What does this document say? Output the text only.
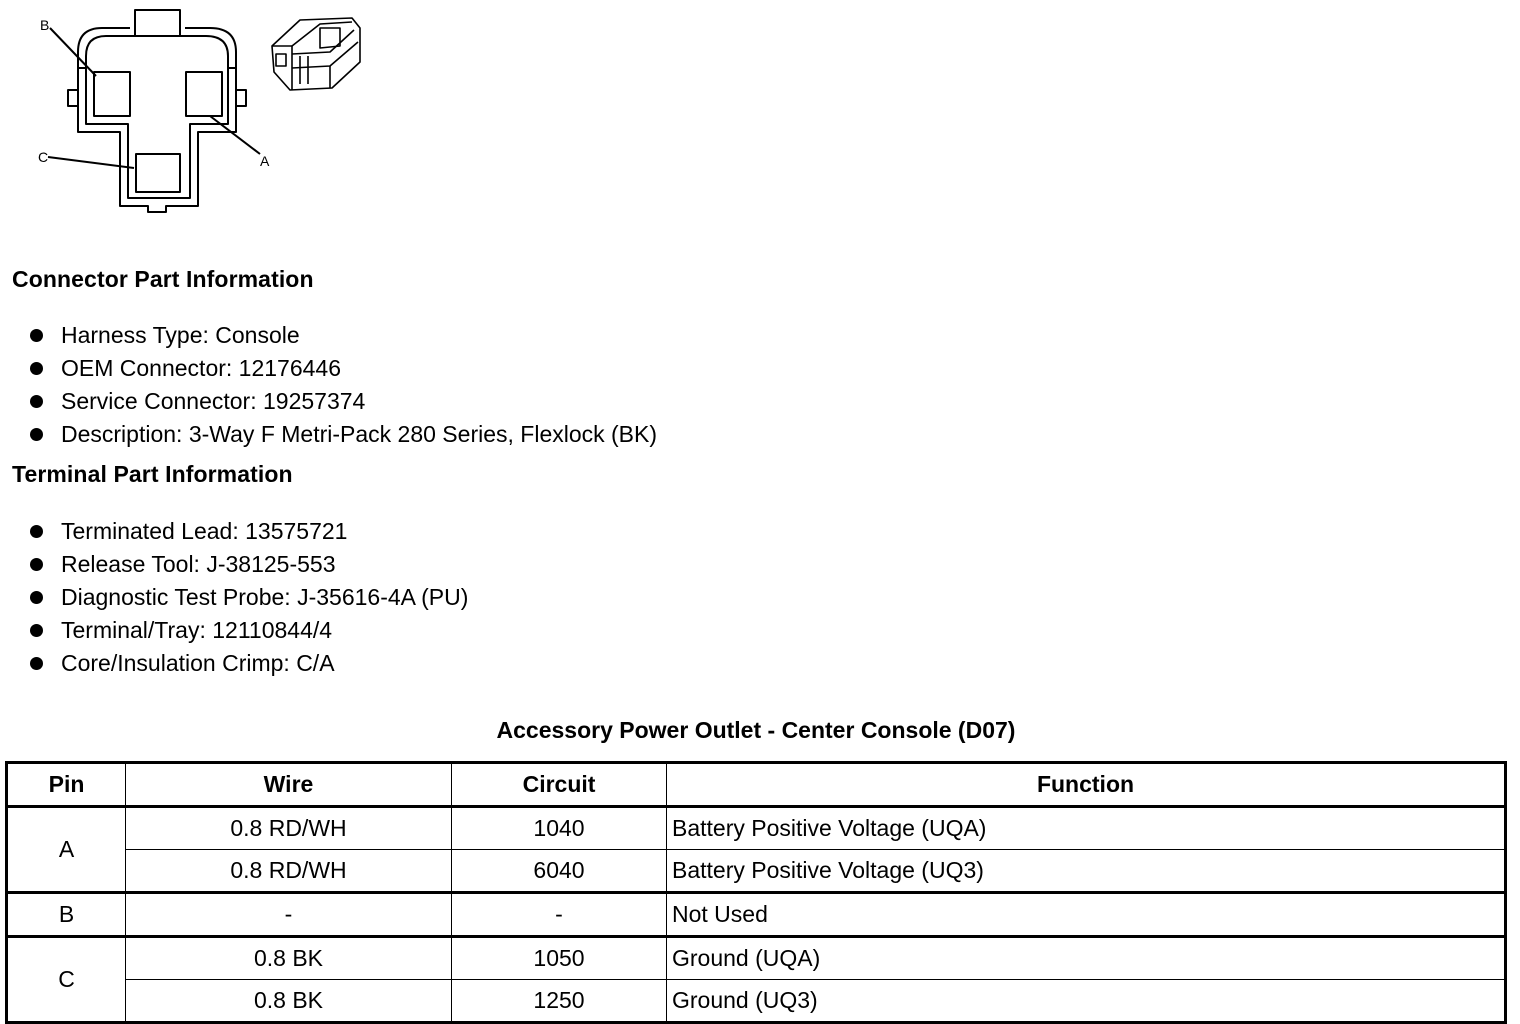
B
A
C
Connector Part Information
Harness Type: Console
OEM Connector: 12176446
Service Connector: 19257374
Description: 3-Way F Metri-Pack 280 Series, Flexlock (BK)
Terminal Part Information
Terminated Lead: 13575721
Release Tool: J-38125-553
Diagnostic Test Probe: J-35616-4A (PU)
Terminal/Tray: 12110844/4
Core/Insulation Crimp: C/A
Accessory Power Outlet - Center Console (D07)
Pin	Wire	Circuit	Function
A	0.8 RD/WH	1040	Battery Positive Voltage (UQA)
	0.8 RD/WH	6040	Battery Positive Voltage (UQ3)
B	-	-	Not Used
C	0.8 BK	1050	Ground (UQA)
	0.8 BK	1250	Ground (UQ3)
